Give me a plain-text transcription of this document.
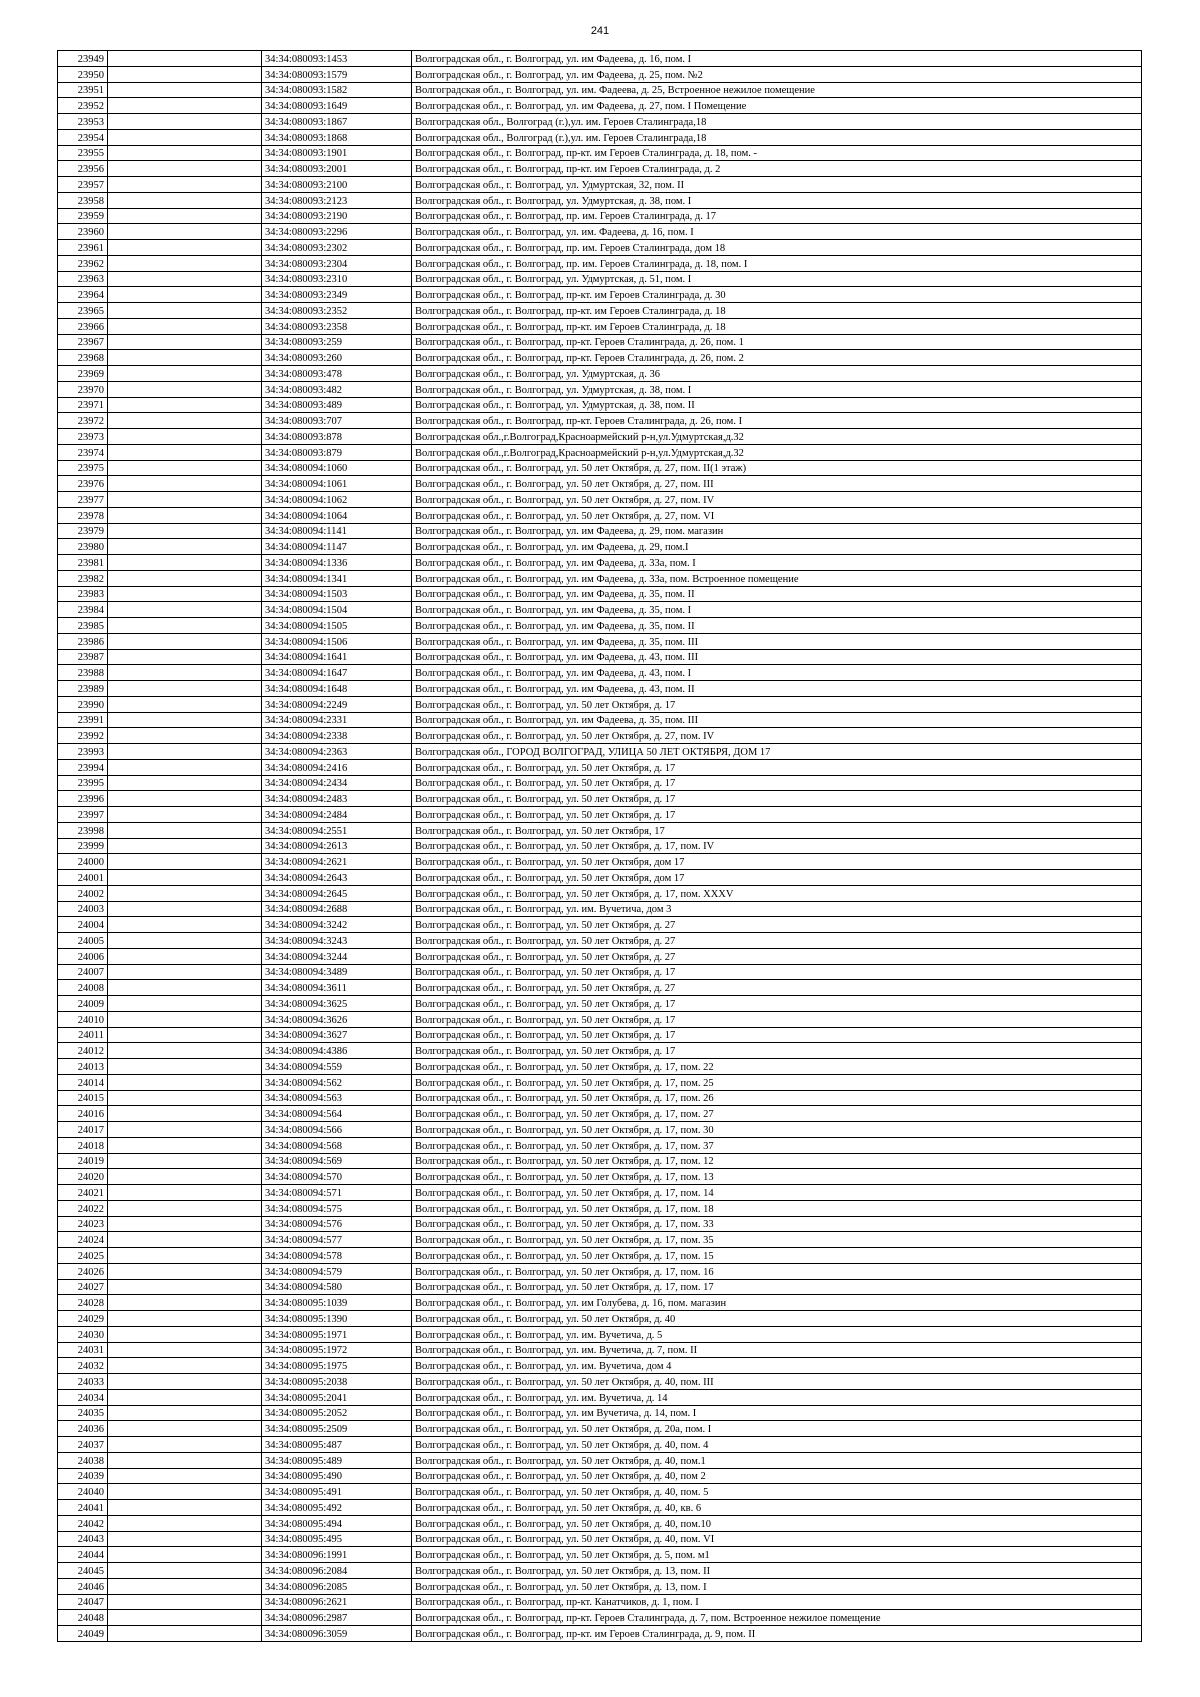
241
23949		34:34:080093:1453	Волгоградская обл., г. Волгоград, ул. им Фадеева, д. 16, пом. I
23950		34:34:080093:1579	Волгоградская обл., г. Волгоград, ул. им Фадеева, д. 25, пом. №2
23951		34:34:080093:1582	Волгоградская обл., г. Волгоград, ул. им. Фадеева, д. 25, Встроенное нежилое помещение
23952		34:34:080093:1649	Волгоградская обл., г. Волгоград, ул. им Фадеева, д. 27, пом. I Помещение
23953		34:34:080093:1867	Волгоградская обл., Волгоград (г.),ул. им. Героев Сталинграда,18
23954		34:34:080093:1868	Волгоградская обл., Волгоград (г.),ул. им. Героев Сталинграда,18
23955		34:34:080093:1901	Волгоградская обл., г. Волгоград, пр-кт. им Героев Сталинграда, д. 18, пом. -
23956		34:34:080093:2001	Волгоградская обл., г. Волгоград, пр-кт. им Героев Сталинграда, д. 2
23957		34:34:080093:2100	Волгоградская обл., г. Волгоград, ул. Удмуртская, 32, пом. II
23958		34:34:080093:2123	Волгоградская обл., г. Волгоград, ул. Удмуртская, д. 38, пом. I
23959		34:34:080093:2190	Волгоградская обл., г. Волгоград, пр. им. Героев Сталинграда, д. 17
23960		34:34:080093:2296	Волгоградская обл., г. Волгоград, ул. им. Фадеева, д. 16, пом. I
23961		34:34:080093:2302	Волгоградская обл., г. Волгоград, пр. им. Героев Сталинграда, дом 18
23962		34:34:080093:2304	Волгоградская обл., г. Волгоград, пр. им. Героев Сталинграда, д. 18, пом. I
23963		34:34:080093:2310	Волгоградская обл., г. Волгоград, ул. Удмуртская, д. 51, пом. I
23964		34:34:080093:2349	Волгоградская обл., г. Волгоград, пр-кт. им Героев Сталинграда, д. 30
23965		34:34:080093:2352	Волгоградская обл., г. Волгоград, пр-кт. им Героев Сталинграда, д. 18
23966		34:34:080093:2358	Волгоградская обл., г. Волгоград, пр-кт. им Героев Сталинграда, д. 18
23967		34:34:080093:259	Волгоградская обл., г. Волгоград, пр-кт. Героев Сталинграда, д. 26, пом. 1
23968		34:34:080093:260	Волгоградская обл., г. Волгоград, пр-кт. Героев Сталинграда, д. 26, пом. 2
23969		34:34:080093:478	Волгоградская обл., г. Волгоград, ул. Удмуртская, д. 36
23970		34:34:080093:482	Волгоградская обл., г. Волгоград, ул. Удмуртская, д. 38, пом. I
23971		34:34:080093:489	Волгоградская обл., г. Волгоград, ул. Удмуртская, д. 38, пом. II
23972		34:34:080093:707	Волгоградская обл., г. Волгоград, пр-кт. Героев Сталинграда, д. 26, пом. I
23973		34:34:080093:878	Волгоградская обл.,г.Волгоград,Красноармейский р-н,ул.Удмуртская,д.32
23974		34:34:080093:879	Волгоградская обл.,г.Волгоград,Красноармейский р-н,ул.Удмуртская,д.32
23975		34:34:080094:1060	Волгоградская обл., г. Волгоград, ул. 50 лет Октября, д. 27, пом. II(1 этаж)
23976		34:34:080094:1061	Волгоградская обл., г. Волгоград, ул. 50 лет Октября, д. 27, пом. III
23977		34:34:080094:1062	Волгоградская обл., г. Волгоград, ул. 50 лет Октября, д. 27, пом. IV
23978		34:34:080094:1064	Волгоградская обл., г. Волгоград, ул. 50 лет Октября, д. 27, пом. VI
23979		34:34:080094:1141	Волгоградская обл., г. Волгоград, ул. им Фадеева, д. 29, пом. магазин
23980		34:34:080094:1147	Волгоградская обл., г. Волгоград, ул. им Фадеева, д. 29, пом.I
23981		34:34:080094:1336	Волгоградская обл., г. Волгоград, ул. им Фадеева, д. 33а, пом. I
23982		34:34:080094:1341	Волгоградская обл., г. Волгоград, ул. им Фадеева, д. 33а, пом. Встроенное помещение
23983		34:34:080094:1503	Волгоградская обл., г. Волгоград, ул. им Фадеева, д. 35, пом. II
23984		34:34:080094:1504	Волгоградская обл., г. Волгоград, ул. им Фадеева, д. 35, пом. I
23985		34:34:080094:1505	Волгоградская обл., г. Волгоград, ул. им Фадеева, д. 35, пом. II
23986		34:34:080094:1506	Волгоградская обл., г. Волгоград, ул. им Фадеева, д. 35, пом. III
23987		34:34:080094:1641	Волгоградская обл., г. Волгоград, ул. им Фадеева, д. 43, пом. III
23988		34:34:080094:1647	Волгоградская обл., г. Волгоград, ул. им Фадеева, д. 43, пом. I
23989		34:34:080094:1648	Волгоградская обл., г. Волгоград, ул. им Фадеева, д. 43, пом. II
23990		34:34:080094:2249	Волгоградская обл., г. Волгоград, ул. 50 лет Октября, д. 17
23991		34:34:080094:2331	Волгоградская обл., г. Волгоград, ул. им Фадеева, д. 35, пом. III
23992		34:34:080094:2338	Волгоградская обл., г. Волгоград, ул. 50 лет Октября, д. 27, пом. IV
23993		34:34:080094:2363	Волгоградская обл., ГОРОД ВОЛГОГРАД, УЛИЦА 50 ЛЕТ ОКТЯБРЯ, ДОМ 17
23994		34:34:080094:2416	Волгоградская обл., г. Волгоград, ул. 50 лет Октября, д. 17
23995		34:34:080094:2434	Волгоградская обл., г. Волгоград, ул. 50 лет Октября, д. 17
23996		34:34:080094:2483	Волгоградская обл., г. Волгоград, ул. 50 лет Октября, д. 17
23997		34:34:080094:2484	Волгоградская обл., г. Волгоград, ул. 50 лет Октября, д. 17
23998		34:34:080094:2551	Волгоградская обл., г. Волгоград, ул. 50 лет Октября, 17
23999		34:34:080094:2613	Волгоградская обл., г. Волгоград, ул. 50 лет Октября, д. 17, пом. IV
24000		34:34:080094:2621	Волгоградская обл., г. Волгоград, ул. 50 лет Октября, дом 17
24001		34:34:080094:2643	Волгоградская обл., г. Волгоград, ул. 50 лет Октября, дом 17
24002		34:34:080094:2645	Волгоградская обл., г. Волгоград, ул. 50 лет Октября, д. 17, пом. XXXV
24003		34:34:080094:2688	Волгоградская обл., г. Волгоград, ул. им. Вучетича, дом 3
24004		34:34:080094:3242	Волгоградская обл., г. Волгоград, ул. 50 лет Октября, д. 27
24005		34:34:080094:3243	Волгоградская обл., г. Волгоград, ул. 50 лет Октября, д. 27
24006		34:34:080094:3244	Волгоградская обл., г. Волгоград, ул. 50 лет Октября, д. 27
24007		34:34:080094:3489	Волгоградская обл., г. Волгоград, ул. 50 лет Октября, д. 17
24008		34:34:080094:3611	Волгоградская обл., г. Волгоград, ул. 50 лет Октября, д. 27
24009		34:34:080094:3625	Волгоградская обл., г. Волгоград, ул. 50 лет Октября, д. 17
24010		34:34:080094:3626	Волгоградская обл., г. Волгоград, ул. 50 лет Октября, д. 17
24011		34:34:080094:3627	Волгоградская обл., г. Волгоград, ул. 50 лет Октября, д. 17
24012		34:34:080094:4386	Волгоградская обл., г. Волгоград, ул. 50 лет Октября, д. 17
24013		34:34:080094:559	Волгоградская обл., г. Волгоград, ул. 50 лет Октября, д. 17, пом. 22
24014		34:34:080094:562	Волгоградская обл., г. Волгоград, ул. 50 лет Октября, д. 17, пом. 25
24015		34:34:080094:563	Волгоградская обл., г. Волгоград, ул. 50 лет Октября, д. 17, пом. 26
24016		34:34:080094:564	Волгоградская обл., г. Волгоград, ул. 50 лет Октября, д. 17, пом. 27
24017		34:34:080094:566	Волгоградская обл., г. Волгоград, ул. 50 лет Октября, д. 17, пом. 30
24018		34:34:080094:568	Волгоградская обл., г. Волгоград, ул. 50 лет Октября, д. 17, пом. 37
24019		34:34:080094:569	Волгоградская обл., г. Волгоград, ул. 50 лет Октября, д. 17, пом. 12
24020		34:34:080094:570	Волгоградская обл., г. Волгоград, ул. 50 лет Октября, д. 17, пом. 13
24021		34:34:080094:571	Волгоградская обл., г. Волгоград, ул. 50 лет Октября, д. 17, пом. 14
24022		34:34:080094:575	Волгоградская обл., г. Волгоград, ул. 50 лет Октября, д. 17, пом. 18
24023		34:34:080094:576	Волгоградская обл., г. Волгоград, ул. 50 лет Октября, д. 17, пом. 33
24024		34:34:080094:577	Волгоградская обл., г. Волгоград, ул. 50 лет Октября, д. 17, пом. 35
24025		34:34:080094:578	Волгоградская обл., г. Волгоград, ул. 50 лет Октября, д. 17, пом. 15
24026		34:34:080094:579	Волгоградская обл., г. Волгоград, ул. 50 лет Октября, д. 17, пом. 16
24027		34:34:080094:580	Волгоградская обл., г. Волгоград, ул. 50 лет Октября, д. 17, пом. 17
24028		34:34:080095:1039	Волгоградская обл., г. Волгоград, ул. им Голубева, д. 16, пом. магазин
24029		34:34:080095:1390	Волгоградская обл., г. Волгоград, ул. 50 лет Октября, д. 40
24030		34:34:080095:1971	Волгоградская обл., г. Волгоград, ул. им. Вучетича, д. 5
24031		34:34:080095:1972	Волгоградская обл., г. Волгоград, ул. им. Вучетича, д. 7, пом. II
24032		34:34:080095:1975	Волгоградская обл., г. Волгоград, ул. им. Вучетича, дом 4
24033		34:34:080095:2038	Волгоградская обл., г. Волгоград, ул. 50 лет Октября, д. 40, пом. III
24034		34:34:080095:2041	Волгоградская обл., г. Волгоград, ул. им. Вучетича, д. 14
24035		34:34:080095:2052	Волгоградская обл., г. Волгоград, ул. им Вучетича, д. 14, пом. I
24036		34:34:080095:2509	Волгоградская обл., г. Волгоград, ул. 50 лет Октября, д. 20а, пом. I
24037		34:34:080095:487	Волгоградская обл., г. Волгоград, ул. 50 лет Октября, д. 40, пом. 4
24038		34:34:080095:489	Волгоградская обл., г. Волгоград, ул. 50 лет Октября, д. 40, пом.1
24039		34:34:080095:490	Волгоградская обл., г. Волгоград, ул. 50 лет Октября, д. 40, пом 2
24040		34:34:080095:491	Волгоградская обл., г. Волгоград, ул. 50 лет Октября, д. 40, пом. 5
24041		34:34:080095:492	Волгоградская обл., г. Волгоград, ул. 50 лет Октября, д. 40, кв. 6
24042		34:34:080095:494	Волгоградская обл., г. Волгоград, ул. 50 лет Октября, д. 40, пом.10
24043		34:34:080095:495	Волгоградская обл., г. Волгоград, ул. 50 лет Октября, д. 40, пом. VI
24044		34:34:080096:1991	Волгоградская обл., г. Волгоград, ул. 50 лет Октября, д. 5, пом. м1
24045		34:34:080096:2084	Волгоградская обл., г. Волгоград, ул. 50 лет Октября, д. 13, пом. II
24046		34:34:080096:2085	Волгоградская обл., г. Волгоград, ул. 50 лет Октября, д. 13, пом. I
24047		34:34:080096:2621	Волгоградская обл., г. Волгоград, пр-кт. Канатчиков, д. 1, пом. I
24048		34:34:080096:2987	Волгоградская обл., г. Волгоград, пр-кт. Героев Сталинграда, д. 7, пом. Встроенное нежилое помещение
24049		34:34:080096:3059	Волгоградская обл., г. Волгоград, пр-кт. им Героев Сталинграда, д. 9, пом. II
